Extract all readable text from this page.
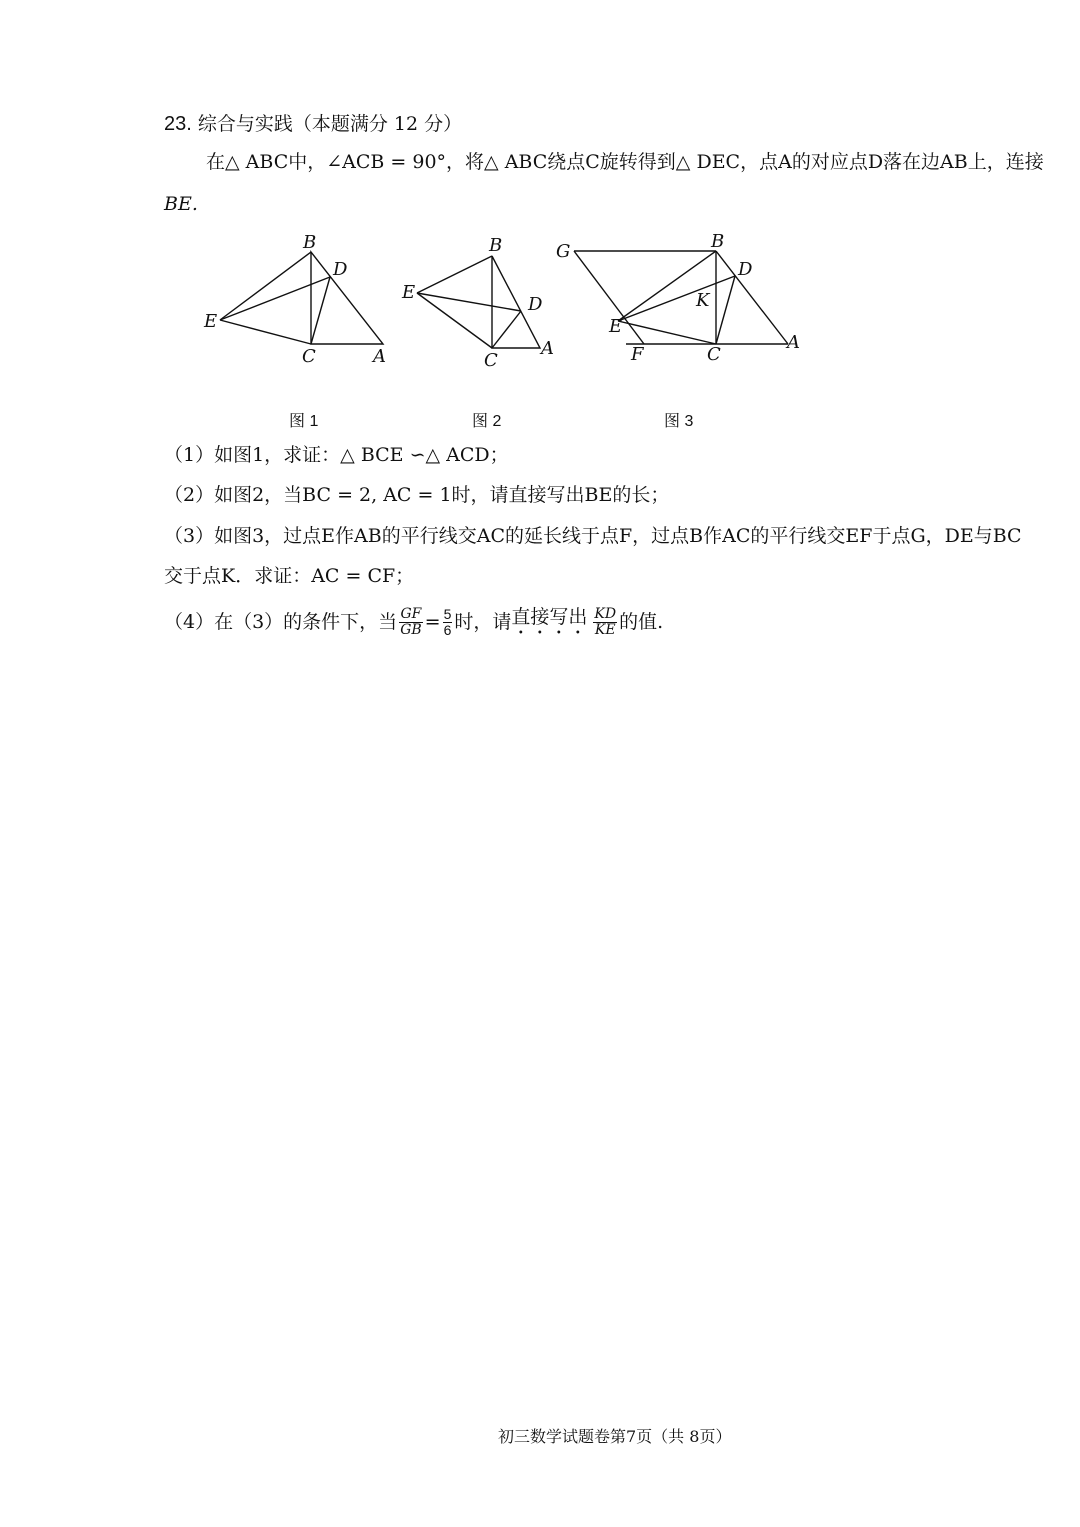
23. 综合与实践（本题满分 12 分）
在△ ABC中，∠ACB = 90°，将△ ABC绕点C旋转得到△ DEC，点A的对应点D落在边AB上，连接
BE.
B
D
E
C	A
图 1
B
E
D
C
A
图 2
G	B
D
K
E
F	C
A
图 3
（1）如图1，求证：△ BCE ∽△ ACD；
（2）如图2，当BC = 2, AC = 1时，请直接写出BE的长；
（3）如图3，过点E作AB的平行线交AC的延长线于点F，过点B作AC的平行线交EF于点G，DE与BC
交于点K．求证：AC = CF；
（4）在（3）的条件下，当 $\frac{GF}{GB} = \frac{5}{6}$ 时，请 直接写出 $\frac{KD}{KE}$ 的值.
初三数学试题卷第7页（共 8页）
